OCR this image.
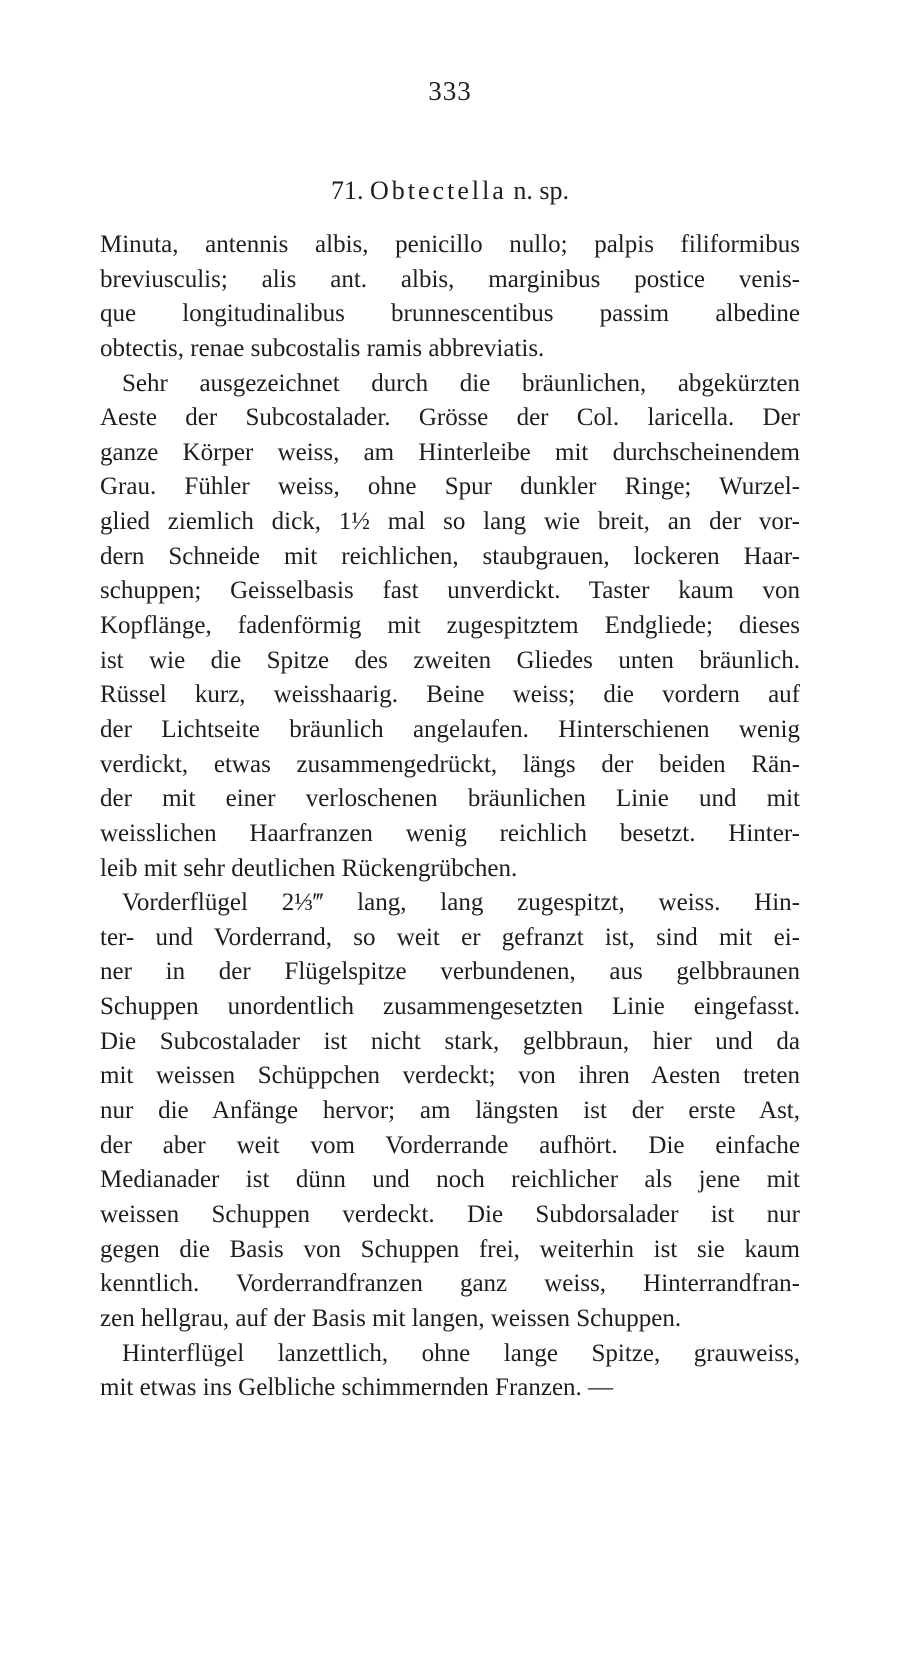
333
71. Obtectella n. sp.
Minuta, antennis albis, penicillo nullo; palpis filiformibus
breviusculis; alis ant. albis, marginibus postice venis-
que longitudinalibus brunnescentibus passim albedine
obtectis, renae subcostalis ramis abbreviatis.
Sehr ausgezeichnet durch die bräunlichen, abgekürzten
Aeste der Subcostalader. Grösse der Col. laricella. Der
ganze Körper weiss, am Hinterleibe mit durchscheinendem
Grau. Fühler weiss, ohne Spur dunkler Ringe; Wurzel-
glied ziemlich dick, 1½ mal so lang wie breit, an der vor-
dern Schneide mit reichlichen, staubgrauen, lockeren Haar-
schuppen; Geisselbasis fast unverdickt. Taster kaum von
Kopflänge, fadenförmig mit zugespitztem Endgliede; dieses
ist wie die Spitze des zweiten Gliedes unten bräunlich.
Rüssel kurz, weisshaarig. Beine weiss; die vordern auf
der Lichtseite bräunlich angelaufen. Hinterschienen wenig
verdickt, etwas zusammengedrückt, längs der beiden Rän-
der mit einer verloschenen bräunlichen Linie und mit
weisslichen Haarfranzen wenig reichlich besetzt. Hinter-
leib mit sehr deutlichen Rückengrübchen.
Vorderflügel 2⅓‴ lang, lang zugespitzt, weiss. Hin-
ter- und Vorderrand, so weit er gefranzt ist, sind mit ei-
ner in der Flügelspitze verbundenen, aus gelbbraunen
Schuppen unordentlich zusammengesetzten Linie eingefasst.
Die Subcostalader ist nicht stark, gelbbraun, hier und da
mit weissen Schüppchen verdeckt; von ihren Aesten treten
nur die Anfänge hervor; am längsten ist der erste Ast,
der aber weit vom Vorderrande aufhört. Die einfache
Medianader ist dünn und noch reichlicher als jene mit
weissen Schuppen verdeckt. Die Subdorsalader ist nur
gegen die Basis von Schuppen frei, weiterhin ist sie kaum
kenntlich. Vorderrandfranzen ganz weiss, Hinterrandfran-
zen hellgrau, auf der Basis mit langen, weissen Schuppen.
Hinterflügel lanzettlich, ohne lange Spitze, grauweiss,
mit etwas ins Gelbliche schimmernden Franzen. —
